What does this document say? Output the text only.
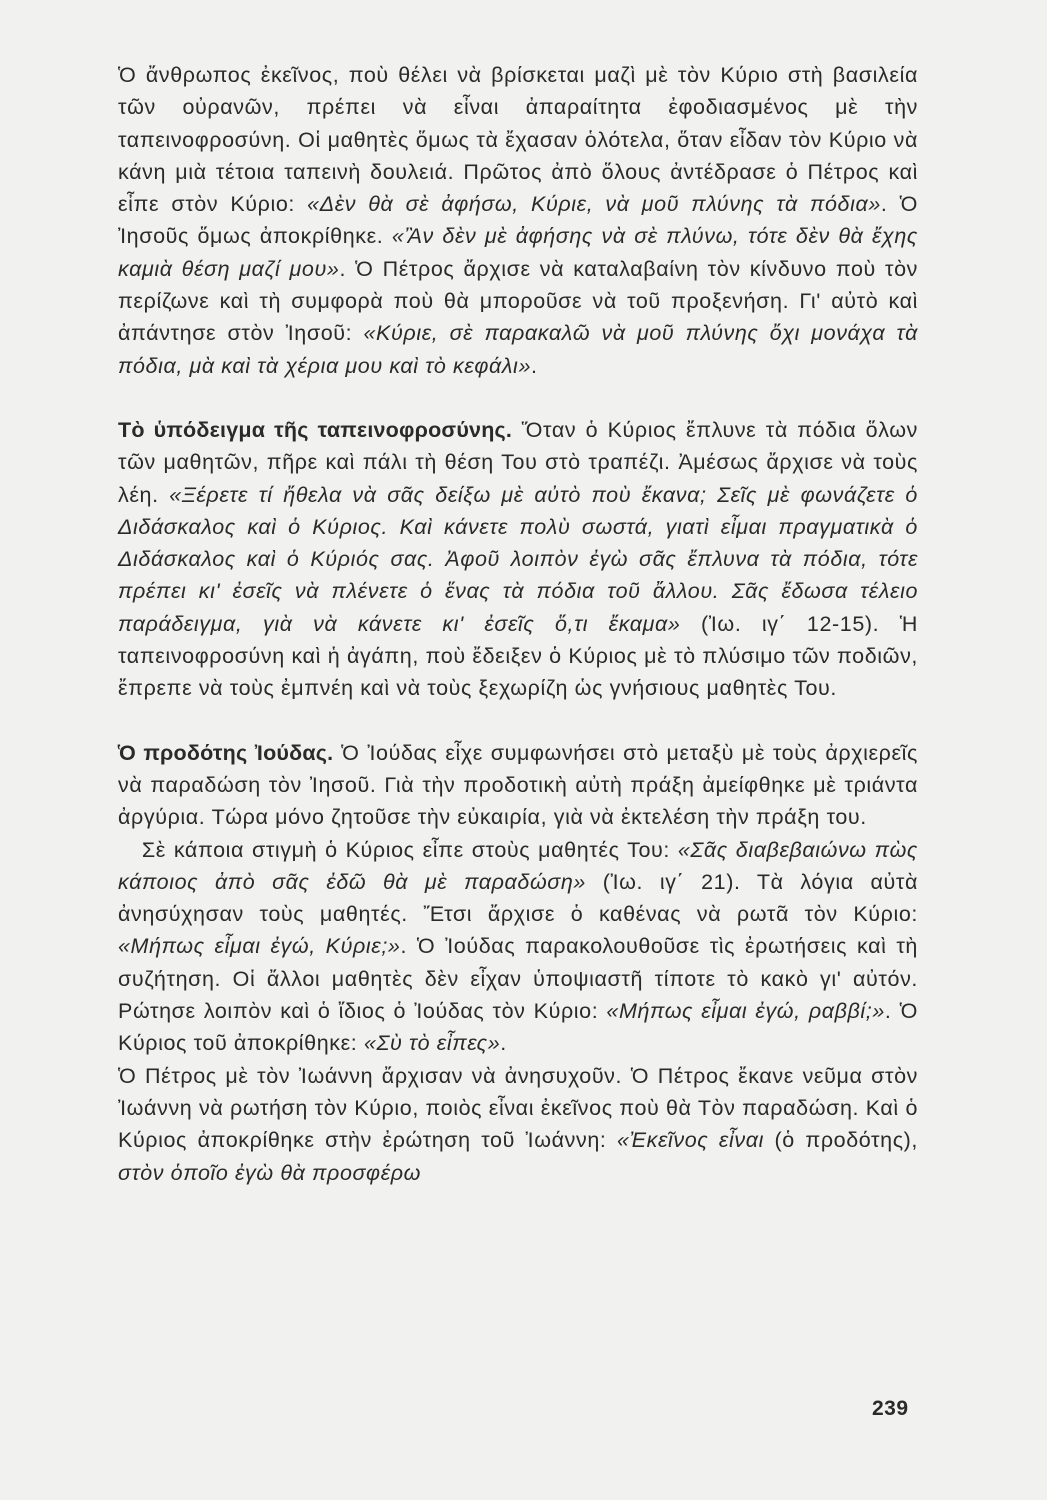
Ὁ ἄνθρωπος ἐκεῖνος, ποὺ θέλει νὰ βρίσκεται μαζὶ μὲ τὸν Κύριο στὴ βασιλεία τῶν οὐρανῶν, πρέπει νὰ εἶναι ἀπαραίτητα ἐφοδιασμένος μὲ τὴν ταπεινοφροσύνη. Οἱ μαθητὲς ὅμως τὰ ἔχασαν ὁλότελα, ὅταν εἶδαν τὸν Κύριο νὰ κάνη μιὰ τέτοια ταπεινὴ δουλειά. Πρῶτος ἀπὸ ὅλους ἀντέδρασε ὁ Πέτρος καὶ εἶπε στὸν Κύριο: «Δὲν θὰ σὲ ἀφήσω, Κύριε, νὰ μοῦ πλύνης τὰ πόδια». Ὁ Ἰησοῦς ὅμως ἀποκρίθηκε. «Ἂν δὲν μὲ ἀφήσης νὰ σὲ πλύνω, τότε δὲν θὰ ἔχης καμιὰ θέση μαζί μου». Ὁ Πέτρος ἄρχισε νὰ καταλαβαίνη τὸν κίνδυνο ποὺ τὸν περίζωνε καὶ τὴ συμφορὰ ποὺ θὰ μποροῦσε νὰ τοῦ προξενήση. Γι' αὐτὸ καὶ ἀπάντησε στὸν Ἰησοῦ: «Κύριε, σὲ παρακαλῶ νὰ μοῦ πλύνης ὄχι μονάχα τὰ πόδια, μὰ καὶ τὰ χέρια μου καὶ τὸ κεφάλι».

Τὸ ὑπόδειγμα τῆς ταπεινοφροσύνης. Ὅταν ὁ Κύριος ἔπλυνε τὰ πόδια ὅλων τῶν μαθητῶν, πῆρε καὶ πάλι τὴ θέση Του στὸ τραπέζι. Ἀμέσως ἄρχισε νὰ τοὺς λέη. «Ξέρετε τί ἤθελα νὰ σᾶς δείξω μὲ αὐτὸ ποὺ ἔκανα; Σεῖς μὲ φωνάζετε ὁ Διδάσκαλος καὶ ὁ Κύριος. Καὶ κάνετε πολὺ σωστά, γιατὶ εἶμαι πραγματικὰ ὁ Διδάσκαλος καὶ ὁ Κύριός σας. Ἀφοῦ λοιπὸν ἐγὼ σᾶς ἔπλυνα τὰ πόδια, τότε πρέπει κι' ἐσεῖς νὰ πλένετε ὁ ἕνας τὰ πόδια τοῦ ἄλλου. Σᾶς ἔδωσα τέλειο παράδειγμα, γιὰ νὰ κάνετε κι' ἐσεῖς ὅ,τι ἔκαμα» (Ἰω. ιγ΄ 12-15). Ἡ ταπεινοφροσύνη καὶ ἡ ἀγάπη, ποὺ ἔδειξεν ὁ Κύριος μὲ τὸ πλύσιμο τῶν ποδιῶν, ἔπρεπε νὰ τοὺς ἐμπνέη καὶ νὰ τοὺς ξεχωρίζη ὡς γνήσιους μαθητὲς Του.

Ὁ προδότης Ἰούδας. Ὁ Ἰούδας εἶχε συμφωνήσει στὸ μεταξὺ μὲ τοὺς ἀρχιερεῖς νὰ παραδώση τὸν Ἰησοῦ. Γιὰ τὴν προδοτικὴ αὐτὴ πράξη ἀμείφθηκε μὲ τριάντα ἀργύρια. Τώρα μόνο ζητοῦσε τὴν εὐκαιρία, γιὰ νὰ ἐκτελέση τὴν πράξη του.

Σὲ κάποια στιγμὴ ὁ Κύριος εἶπε στοὺς μαθητές Του: «Σᾶς διαβεβαιώνω πὼς κάποιος ἀπὸ σᾶς ἐδῶ θὰ μὲ παραδώση» (Ἰω. ιγ΄ 21). Τὰ λόγια αὐτὰ ἀνησύχησαν τοὺς μαθητές. Ἔτσι ἄρχισε ὁ καθένας νὰ ρωτᾶ τὸν Κύριο: «Μήπως εἶμαι ἐγώ, Κύριε;». Ὁ Ἰούδας παρακολουθοῦσε τὶς ἐρωτήσεις καὶ τὴ συζήτηση. Οἱ ἄλλοι μαθητὲς δὲν εἶχαν ὑποψιαστῆ τίποτε τὸ κακὸ γι' αὐτόν. Ρώτησε λοιπὸν καὶ ὁ ἴδιος ὁ Ἰούδας τὸν Κύριο: «Μήπως εἶμαι ἐγώ, ραββί;». Ὁ Κύριος τοῦ ἀποκρίθηκε: «Σὺ τὸ εἶπες».

Ὁ Πέτρος μὲ τὸν Ἰωάννη ἄρχισαν νὰ ἀνησυχοῦν. Ὁ Πέτρος ἔκανε νεῦμα στὸν Ἰωάννη νὰ ρωτήση τὸν Κύριο, ποιὸς εἶναι ἐκεῖνος ποὺ θὰ Τὸν παραδώση. Καὶ ὁ Κύριος ἀποκρίθηκε στὴν ἐρώτηση τοῦ Ἰωάννη: «Ἐκεῖνος εἶναι (ὁ προδότης), στὸν ὁποῖο ἐγὼ θὰ προσφέρω

239
